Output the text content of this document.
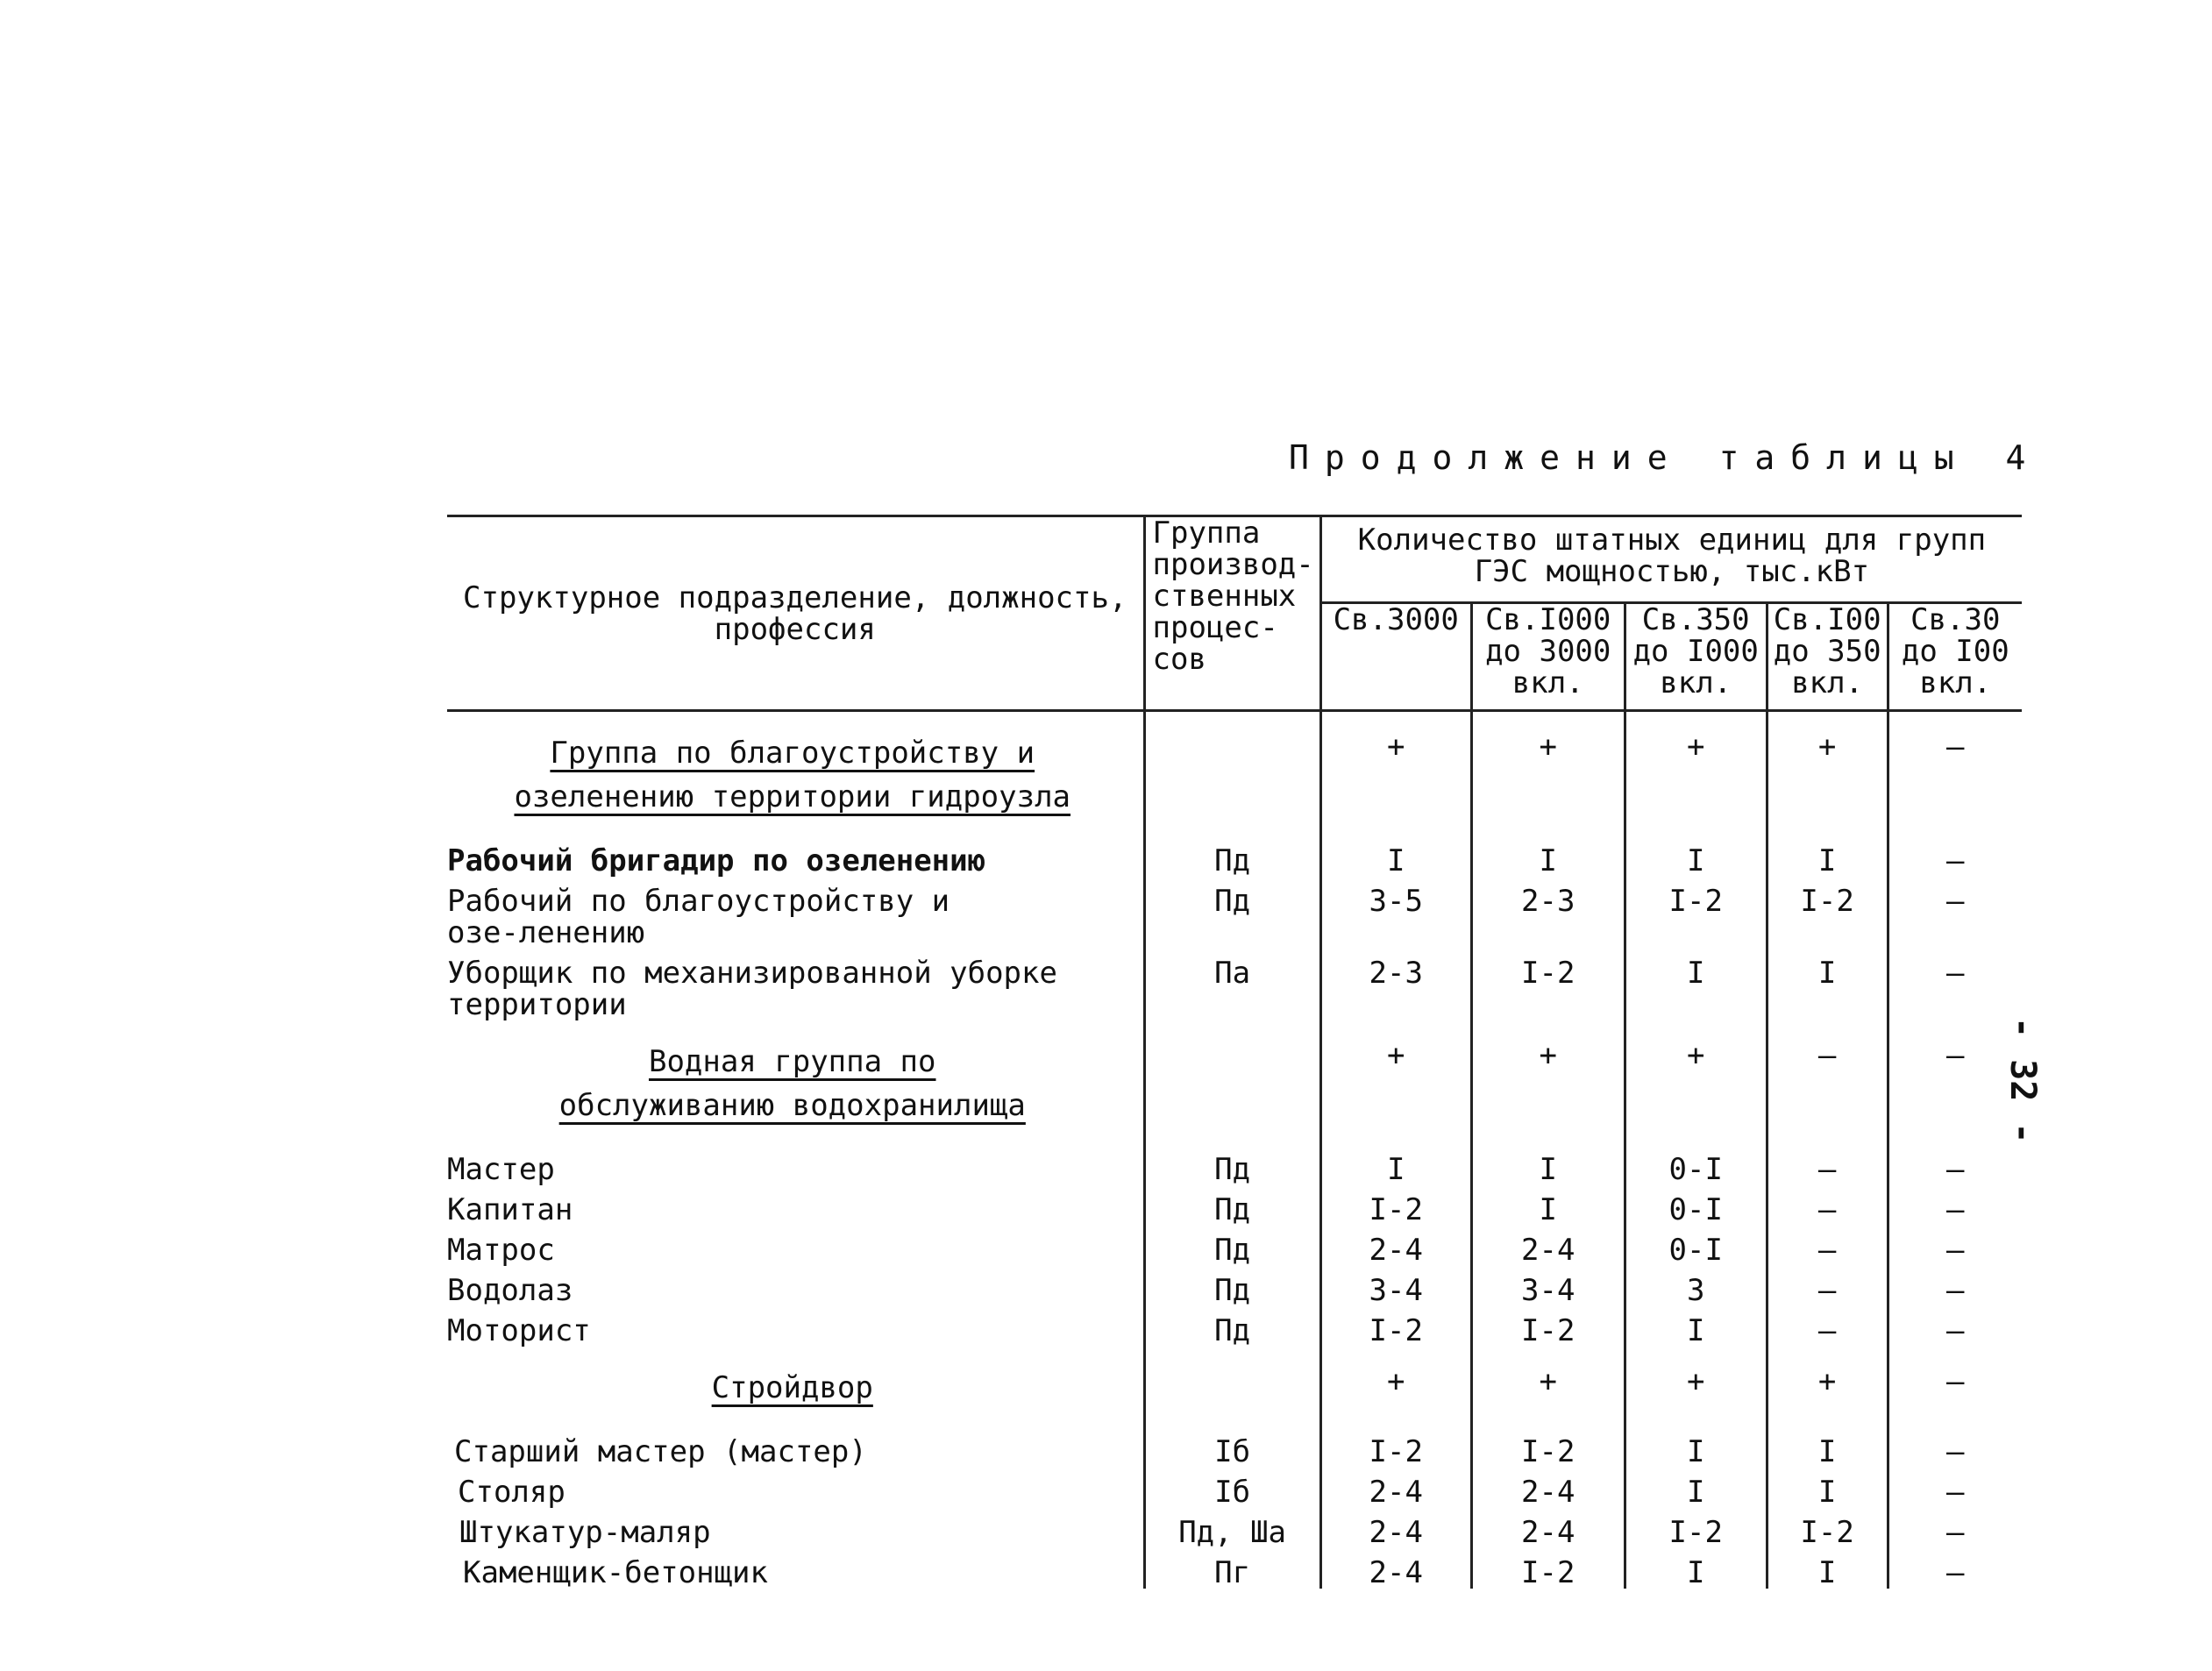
Продолжение таблицы 4
- 32 -
Структурное подразделение, должность, профессия	Группа производ-ственных процес-сов	Количество штатных единиц для групп ГЭС мощностью, тыс.кВт				
		Св.3000	Св.I000 до 3000 вкл.	Св.350 до I000 вкл.	Св.I00 до 350 вкл.	Св.30 до I00 вкл.
Группа по благоустройству и озеленению территории гидроузла		+	+	+	+	–
Рабочий бригадир по озеленению	Пд	I	I	I	I	–
Рабочий по благоустройству и озе-ленению	Пд	3-5	2-3	I-2	I-2	–
Уборщик по механизированной уборке территории	Па	2-3	I-2	I	I	–
Водная группа по обслуживанию водохранилища		+	+	+	–	–
Мастер	Пд	I	I	0-I	–	–
Капитан	Пд	I-2	I	0-I	–	–
Матрос	Пд	2-4	2-4	0-I	–	–
Водолаз	Пд	3-4	3-4	3	–	–
Моторист	Пд	I-2	I-2	I	–	–
Стройдвор		+	+	+	+	–
Старший мастер (мастер)	Iб	I-2	I-2	I	I	–
Столяр	Iб	2-4	2-4	I	I	–
Штукатур-маляр	Пд, Ша	2-4	2-4	I-2	I-2	–
Каменщик-бетонщик	Пг	2-4	I-2	I	I	–
